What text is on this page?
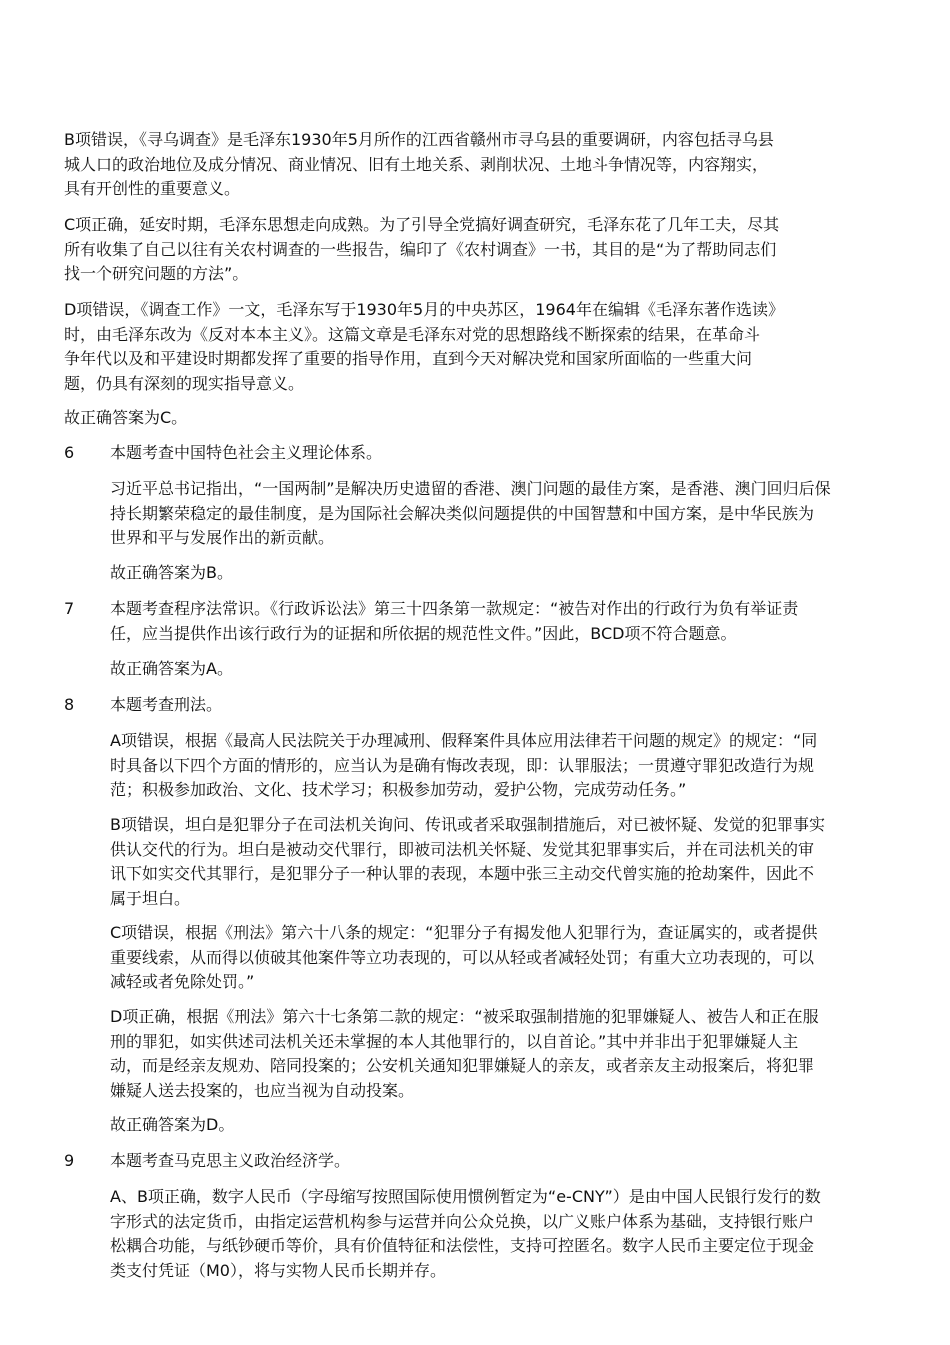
B项错误，《寻乌调查》是毛泽东1930年5月所作的江西省赣州市寻乌县的重要调研，内容包括寻乌县
城人口的政治地位及成分情况、商业情况、旧有土地关系、剥削状况、土地斗争情况等，内容翔实，
具有开创性的重要意义。
C项正确，延安时期，毛泽东思想走向成熟。为了引导全党搞好调查研究，毛泽东花了几年工夫，尽其
所有收集了自己以往有关农村调查的一些报告，编印了《农村调查》一书，其目的是“为了帮助同志们
找一个研究问题的方法”。
D项错误，《调查工作》一文，毛泽东写于1930年5月的中央苏区，1964年在编辑《毛泽东著作选读》
时，由毛泽东改为《反对本本主义》。这篇文章是毛泽东对党的思想路线不断探索的结果，在革命斗
争年代以及和平建设时期都发挥了重要的指导作用，直到今天对解决党和国家所面临的一些重大问
题，仍具有深刻的现实指导意义。
故正确答案为C。
6 本题考查中国特色社会主义理论体系。
习近平总书记指出，“一国两制”是解决历史遗留的香港、澳门问题的最佳方案，是香港、澳门回归后保
持长期繁荣稳定的最佳制度，是为国际社会解决类似问题提供的中国智慧和中国方案，是中华民族为
世界和平与发展作出的新贡献。
故正确答案为B。
7 本题考查程序法常识。《行政诉讼法》第三十四条第一款规定：“被告对作出的行政行为负有举证责
任，应当提供作出该行政行为的证据和所依据的规范性文件。”因此，BCD项不符合题意。
故正确答案为A。
8 本题考查刑法。
A项错误，根据《最高人民法院关于办理减刑、假释案件具体应用法律若干问题的规定》的规定：“同
时具备以下四个方面的情形的，应当认为是确有悔改表现，即：认罪服法；一贯遵守罪犯改造行为规
范；积极参加政治、文化、技术学习；积极参加劳动，爱护公物，完成劳动任务。”
B项错误，坦白是犯罪分子在司法机关询问、传讯或者采取强制措施后，对已被怀疑、发觉的犯罪事实
供认交代的行为。坦白是被动交代罪行，即被司法机关怀疑、发觉其犯罪事实后，并在司法机关的审
讯下如实交代其罪行，是犯罪分子一种认罪的表现，本题中张三主动交代曾实施的抢劫案件，因此不
属于坦白。
C项错误，根据《刑法》第六十八条的规定：“犯罪分子有揭发他人犯罪行为，查证属实的，或者提供
重要线索，从而得以侦破其他案件等立功表现的，可以从轻或者减轻处罚；有重大立功表现的，可以
减轻或者免除处罚。”
D项正确，根据《刑法》第六十七条第二款的规定：“被采取强制措施的犯罪嫌疑人、被告人和正在服
刑的罪犯，如实供述司法机关还未掌握的本人其他罪行的，以自首论。”其中并非出于犯罪嫌疑人主
动，而是经亲友规劝、陪同投案的；公安机关通知犯罪嫌疑人的亲友，或者亲友主动报案后，将犯罪
嫌疑人送去投案的，也应当视为自动投案。
故正确答案为D。
9 本题考查马克思主义政治经济学。
A、B项正确，数字人民币（字母缩写按照国际使用惯例暂定为“e-CNY”）是由中国人民银行发行的数
字形式的法定货币，由指定运营机构参与运营并向公众兑换，以广义账户体系为基础，支持银行账户
松耦合功能，与纸钞硬币等价，具有价值特征和法偿性，支持可控匿名。数字人民币主要定位于现金
类支付凭证（M0），将与实物人民币长期并存。
